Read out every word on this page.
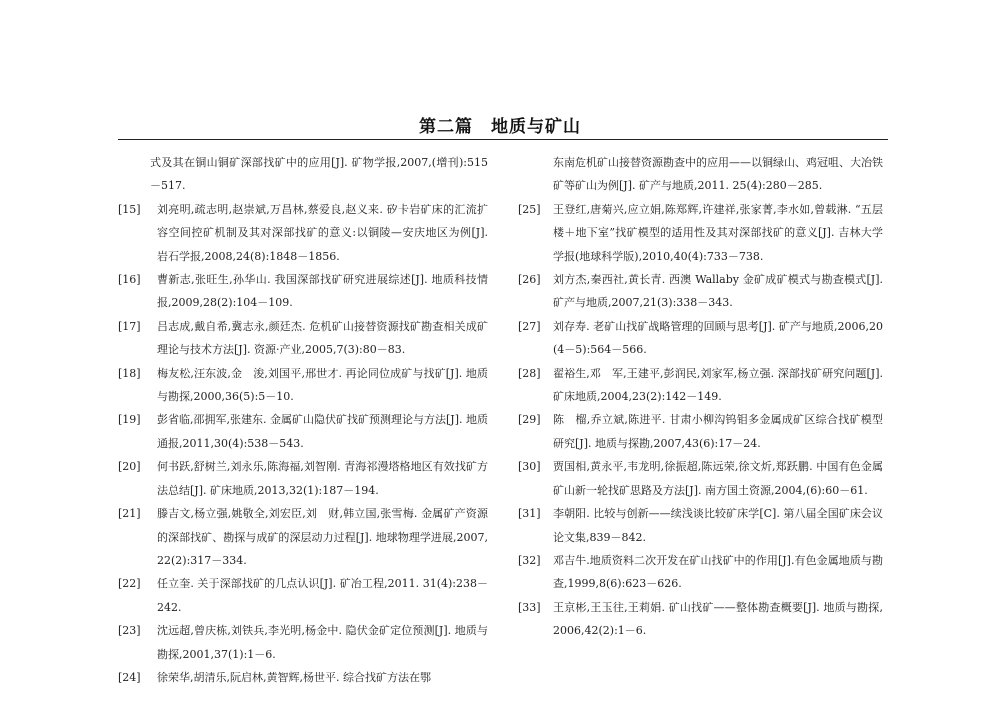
第二篇　地质与矿山
式及其在铜山铜矿深部找矿中的应用[J]. 矿物学报,2007,(增刊):515－517.
[15] 刘亮明,疏志明,赵崇斌,万昌林,蔡爱良,赵义来. 矽卡岩矿床的汇流扩容空间控矿机制及其对深部找矿的意义:以铜陵—安庆地区为例[J]. 岩石学报,2008,24(8):1848－1856.
[16] 曹新志,张旺生,孙华山. 我国深部找矿研究进展综述[J]. 地质科技情报,2009,28(2):104－109.
[17] 吕志成,戴自希,冀志永,颜廷杰. 危机矿山接替资源找矿勘查相关成矿理论与技术方法[J]. 资源·产业,2005,7(3):80－83.
[18] 梅友松,汪东波,金　浚,刘国平,邢世才. 再论同位成矿与找矿[J]. 地质与勘探,2000,36(5):5－10.
[19] 彭省临,邵拥军,张建东. 金属矿山隐伏矿找矿预测理论与方法[J]. 地质通报,2011,30(4):538－543.
[20] 何书跃,舒树兰,刘永乐,陈海福,刘智刚. 青海祁漫塔格地区有效找矿方法总结[J]. 矿床地质,2013,32(1):187－194.
[21] 滕吉文,杨立强,姚敬全,刘宏臣,刘　财,韩立国,张雪梅. 金属矿产资源的深部找矿、勘探与成矿的深层动力过程[J]. 地球物理学进展,2007,22(2):317－334.
[22] 任立奎. 关于深部找矿的几点认识[J]. 矿冶工程,2011. 31(4):238－242.
[23] 沈远超,曾庆栋,刘铁兵,李光明,杨金中. 隐伏金矿定位预测[J]. 地质与勘探,2001,37(1):1－6.
[24] 徐荣华,胡清乐,阮启林,黄智辉,杨世平. 综合找矿方法在鄂
东南危机矿山接替资源勘查中的应用——以铜绿山、鸡冠咀、大冶铁矿等矿山为例[J]. 矿产与地质,2011. 25(4):280－285.
[25] 王登红,唐菊兴,应立娟,陈郑辉,许建祥,张家菁,李水如,曾载淋. “五层楼＋地下室”找矿模型的适用性及其对深部找矿的意义[J]. 吉林大学学报(地球科学版),2010,40(4):733－738.
[26] 刘方杰,秦西社,黄长青. 西澳 Wallaby 金矿成矿模式与勘查模式[J]. 矿产与地质,2007,21(3):338－343.
[27] 刘存寿. 老矿山找矿战略管理的回顾与思考[J]. 矿产与地质,2006,20(4－5):564－566.
[28] 翟裕生,邓　军,王建平,彭润民,刘家军,杨立强. 深部找矿研究问题[J]. 矿床地质,2004,23(2):142－149.
[29] 陈　榴,乔立斌,陈进平. 甘肃小柳沟钨钼多金属成矿区综合找矿模型研究[J]. 地质与探勘,2007,43(6):17－24.
[30] 贾国相,黄永平,韦龙明,徐振超,陈远荣,徐文炘,郑跃鹏. 中国有色金属矿山新一轮找矿思路及方法[J]. 南方国土资源,2004,(6):60－61.
[31] 李朝阳. 比较与创新——续浅谈比较矿床学[C]. 第八届全国矿床会议论文集,839－842.
[32] 邓吉牛.地质资料二次开发在矿山找矿中的作用[J].有色金属地质与勘查,1999,8(6):623－626.
[33] 王京彬,王玉往,王莉娟. 矿山找矿——整体勘查概要[J]. 地质与勘探,2006,42(2):1－6.
